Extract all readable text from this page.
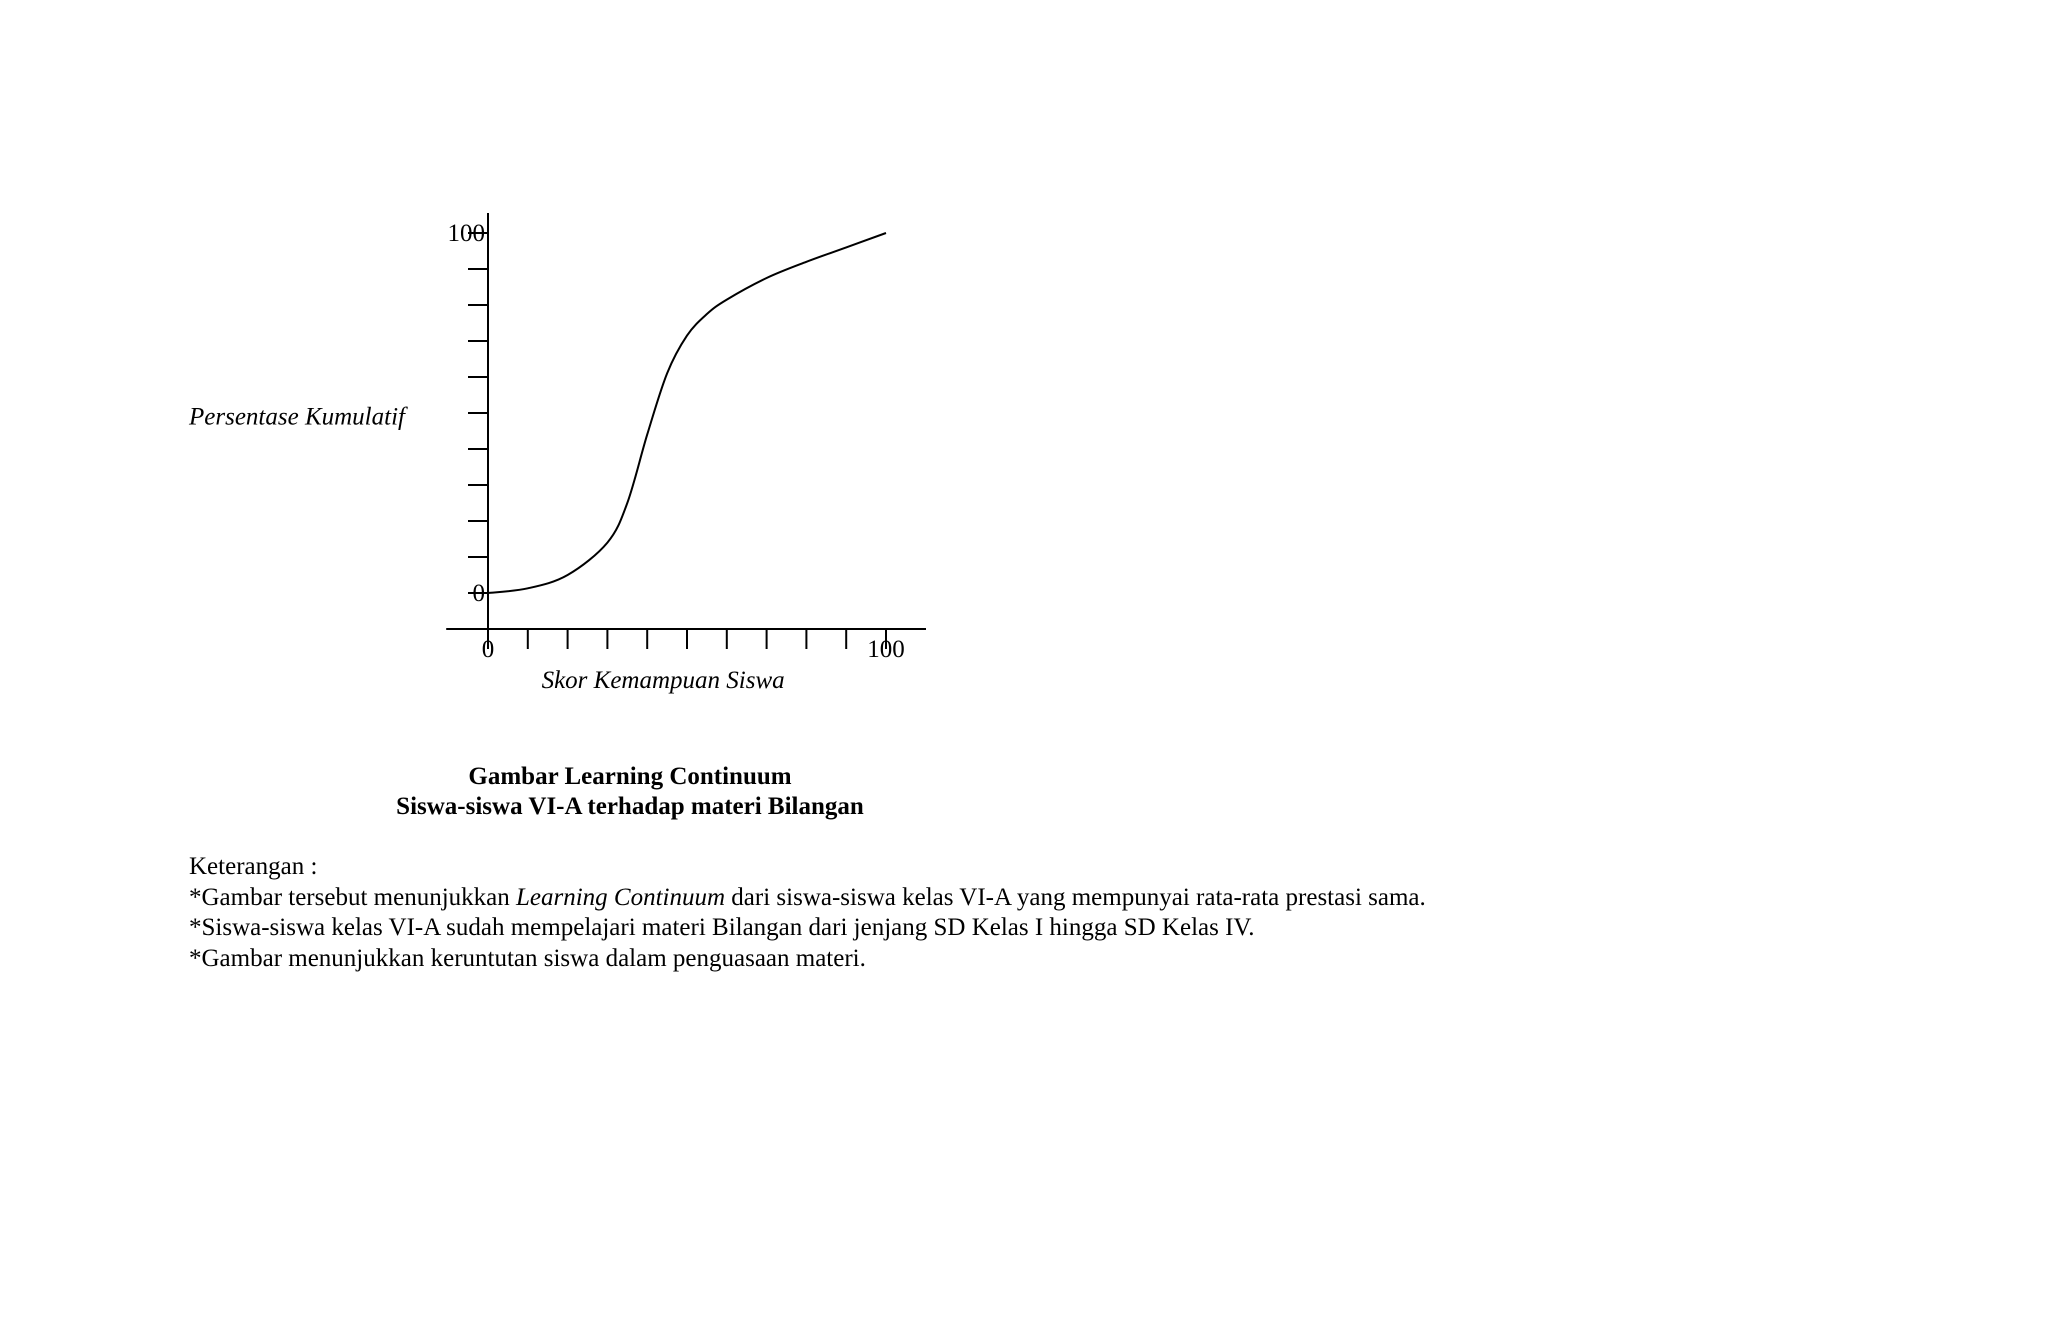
0	100
0
100
Skor Kemampuan Siswa
Persentase Kumulatif
Gambar Learning Continuum
Siswa-siswa VI-A terhadap materi Bilangan
Keterangan :
*Gambar tersebut menunjukkan Learning Continuum dari siswa-siswa kelas VI-A yang mempunyai rata-rata prestasi sama.
*Siswa-siswa kelas VI-A sudah mempelajari materi Bilangan dari jenjang SD Kelas I hingga SD Kelas IV.
*Gambar menunjukkan keruntutan siswa dalam penguasaan materi.
